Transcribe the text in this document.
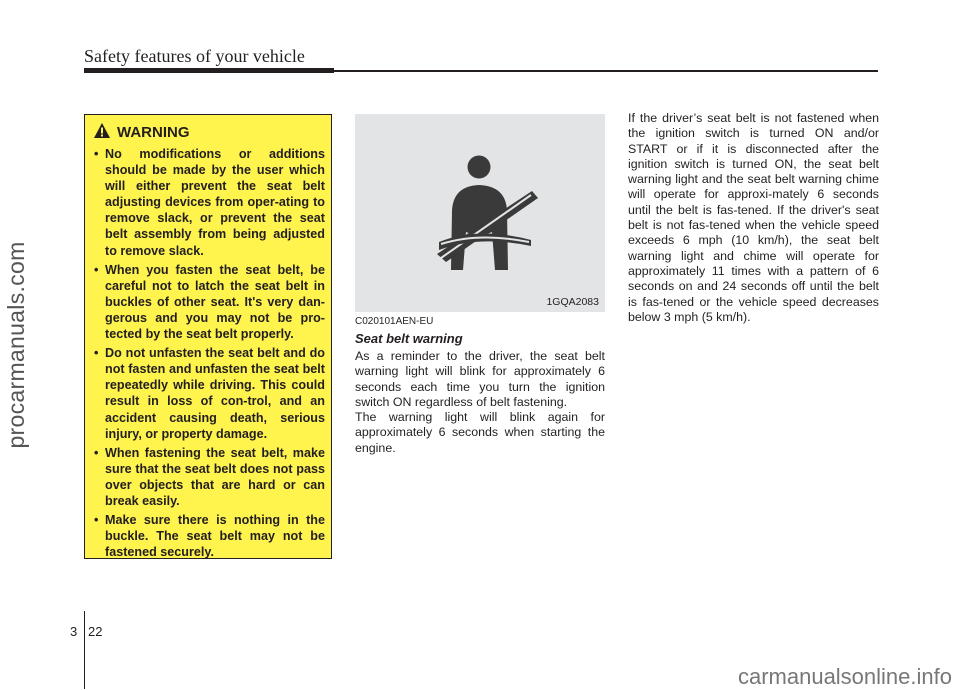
Safety features of your vehicle
procarmanuals.com
WARNING
• No modifications or additions should be made by the user which will either prevent the seat belt adjusting devices from oper-ating to remove slack, or prevent the seat belt assembly from being adjusted to remove slack.
• When you fasten the seat belt, be careful not to latch the seat belt in buckles of other seat. It's very dan-gerous and you may not be pro-tected by the seat belt properly.
• Do not unfasten the seat belt and do not fasten and unfasten the seat belt repeatedly while driving. This could result in loss of con-trol, and an accident causing death, serious injury, or property damage.
• When fastening the seat belt, make sure that the seat belt does not pass over objects that are hard or can break easily.
• Make sure there is nothing in the buckle. The seat belt may not be fastened securely.
1GQA2083
C020101AEN-EU
Seat belt warning

As a reminder to the driver, the seat belt warning light will blink for approximately 6 seconds each time you turn the ignition switch ON regardless of belt fastening.

The warning light will blink again for approximately 6 seconds when starting the engine.

If the driver’s seat belt is not fastened when the ignition switch is turned ON and/or START or if it is disconnected after the ignition switch is turned ON, the seat belt warning light and the seat belt warning chime will operate for approxi-mately 6 seconds until the belt is fas-tened. If the driver's seat belt is not fas-tened when the vehicle speed exceeds 6 mph (10 km/h), the seat belt warning light and chime will operate for approximately 11 times with a pattern of 6 seconds on and 24 seconds off until the belt is fas-tened or the vehicle speed decreases below 3 mph (5 km/h).

3 22
carmanualsonline.info
